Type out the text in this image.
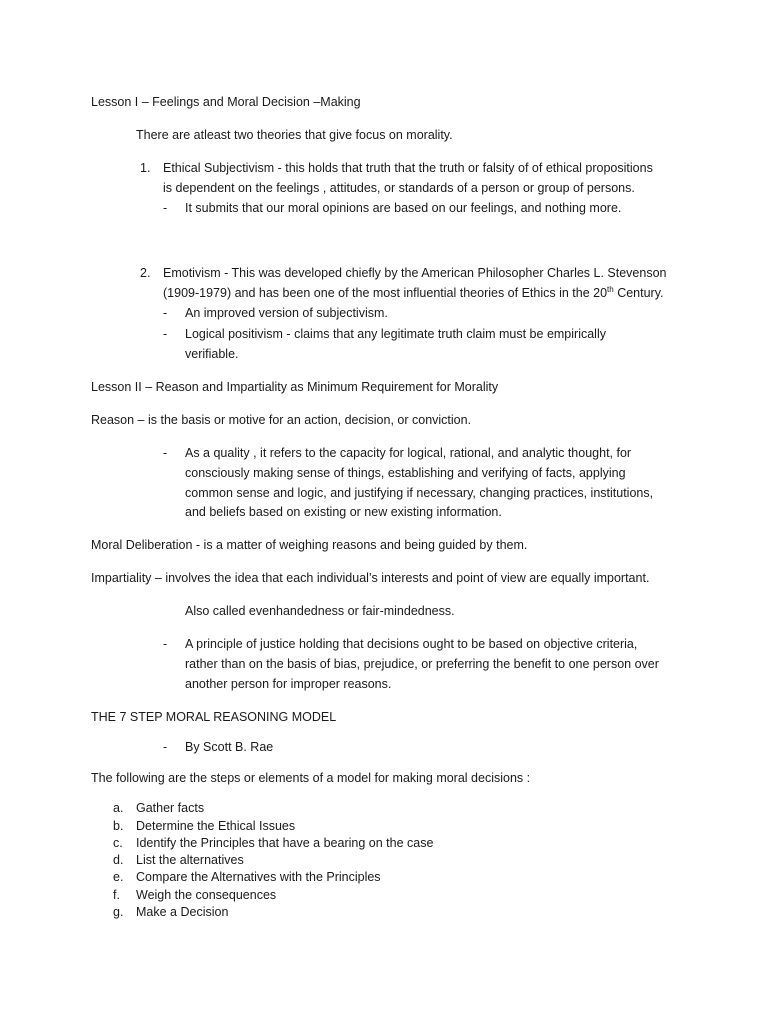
Lesson I – Feelings and Moral Decision –Making
There are atleast two theories that give focus on morality.
1. Ethical Subjectivism - this holds that truth that the truth or falsity of of ethical propositions
is dependent on the feelings , attitudes, or standards of a person or group of persons.
- It submits that our moral opinions are based on our feelings, and nothing more.
2. Emotivism - This was developed chiefly by the American Philosopher Charles L. Stevenson
(1909-1979) and has been one of the most influential theories of Ethics in the 20th Century.
- An improved version of subjectivism.
- Logical positivism - claims that any legitimate truth claim must be empirically
verifiable.
Lesson II – Reason and Impartiality as Minimum Requirement for Morality
Reason – is the basis or motive for an action, decision, or conviction.
- As a quality , it refers to the capacity for logical, rational, and analytic thought, for
consciously making sense of things, establishing and verifying of facts, applying
common sense and logic, and justifying if necessary, changing practices, institutions,
and beliefs based on existing or new existing information.
Moral Deliberation - is a matter of weighing reasons and being guided by them.
Impartiality – involves the idea that each individual’s interests and point of view are equally important.
Also called evenhandedness or fair-mindedness.
- A principle of justice holding that decisions ought to be based on objective criteria,
rather than on the basis of bias, prejudice, or preferring the benefit to one person over
another person for improper reasons.
THE 7 STEP MORAL REASONING MODEL
- By Scott B. Rae
The following are the steps or elements of a model for making moral decisions :
a. Gather facts
b. Determine the Ethical Issues
c. Identify the Principles that have a bearing on the case
d. List the alternatives
e. Compare the Alternatives with the Principles
f. Weigh the consequences
g. Make a Decision
